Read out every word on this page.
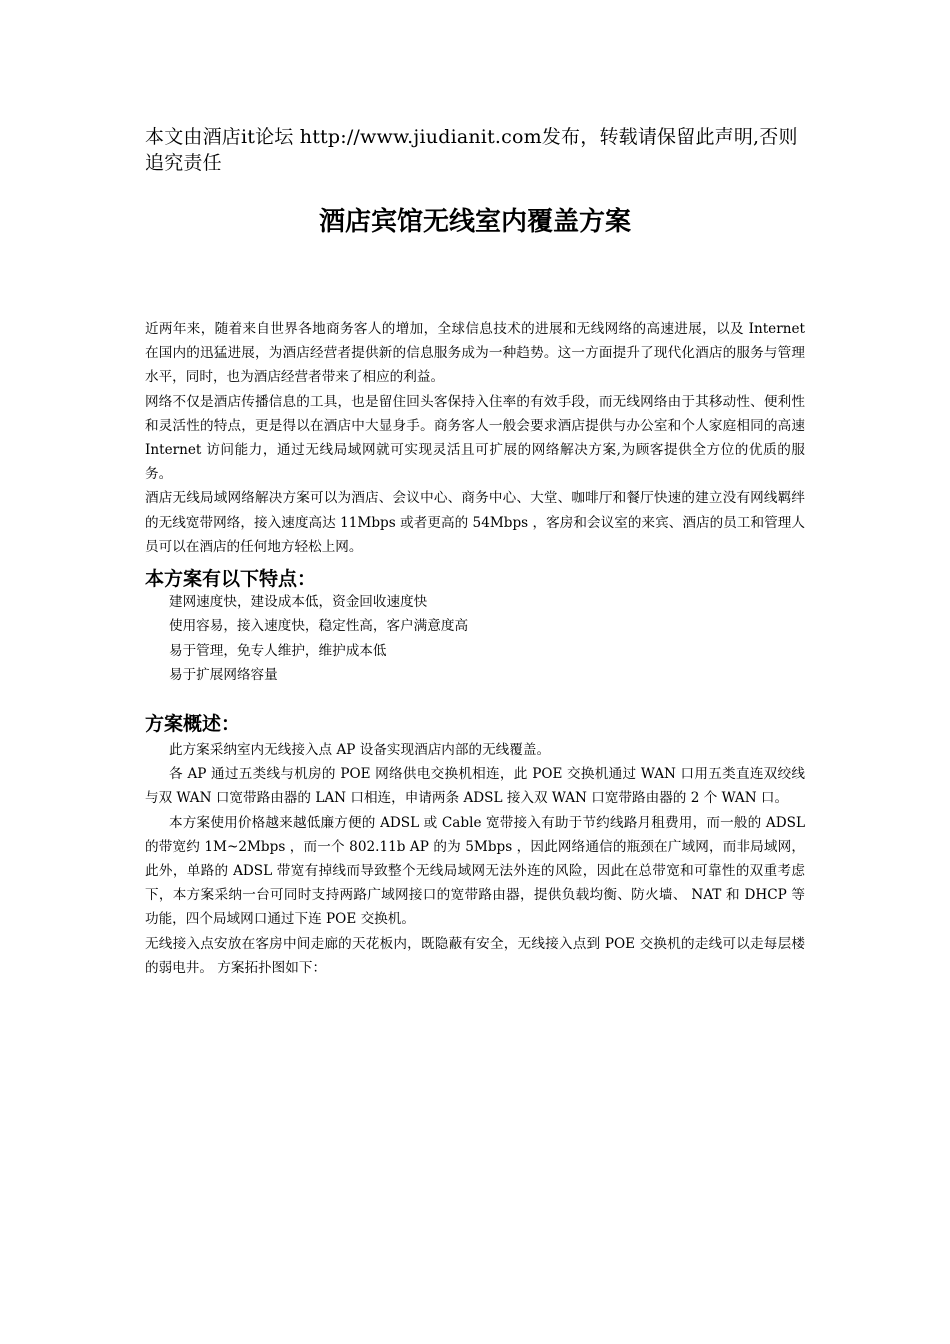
本文由酒店it论坛 http://www.jiudianit.com发布，转载请保留此声明,否则追究责任
酒店宾馆无线室内覆盖方案

近两年来，随着来自世界各地商务客人的增加，全球信息技术的进展和无线网络的高速进展，以及 Internet 在国内的迅猛进展，为酒店经营者提供新的信息服务成为一种趋势。这一方面提升了现代化酒店的服务与管理水平，同时，也为酒店经营者带来了相应的利益。

网络不仅是酒店传播信息的工具，也是留住回头客保持入住率的有效手段，而无线网络由于其移动性、便利性和灵活性的特点，更是得以在酒店中大显身手。商务客人一般会要求酒店提供与办公室和个人家庭相同的高速 Internet 访问能力，通过无线局域网就可实现灵活且可扩展的网络解决方案,为顾客提供全方位的优质的服务。

酒店无线局域网络解决方案可以为酒店、会议中心、商务中心、大堂、咖啡厅和餐厅快速的建立没有网线羁绊的无线宽带网络，接入速度高达 11Mbps 或者更高的 54Mbps ，客房和会议室的来宾、酒店的员工和管理人员可以在酒店的任何地方轻松上网。

本方案有以下特点：
建网速度快，建设成本低，资金回收速度快
使用容易，接入速度快，稳定性高，客户满意度高
易于管理，免专人维护，维护成本低
易于扩展网络容量
方案概述：

此方案采纳室内无线接入点 AP 设备实现酒店内部的无线覆盖。

各 AP 通过五类线与机房的 POE 网络供电交换机相连，此 POE 交换机通过 WAN 口用五类直连双绞线与双 WAN 口宽带路由器的 LAN 口相连，申请两条 ADSL 接入双 WAN 口宽带路由器的 2 个 WAN 口。

本方案使用价格越来越低廉方便的 ADSL 或 Cable 宽带接入有助于节约线路月租费用，而一般的 ADSL 的带宽约 1M~2Mbps ，而一个 802.11b AP 的为 5Mbps ，因此网络通信的瓶颈在广域网，而非局域网，此外，单路的 ADSL 带宽有掉线而导致整个无线局域网无法外连的风险，因此在总带宽和可靠性的双重考虑下，本方案采纳一台可同时支持两路广域网接口的宽带路由器，提供负载均衡、防火墙、 NAT 和 DHCP 等功能，四个局域网口通过下连 POE 交换机。

无线接入点安放在客房中间走廊的天花板内，既隐蔽有安全，无线接入点到 POE 交换机的走线可以走每层楼的弱电井。 方案拓扑图如下：
